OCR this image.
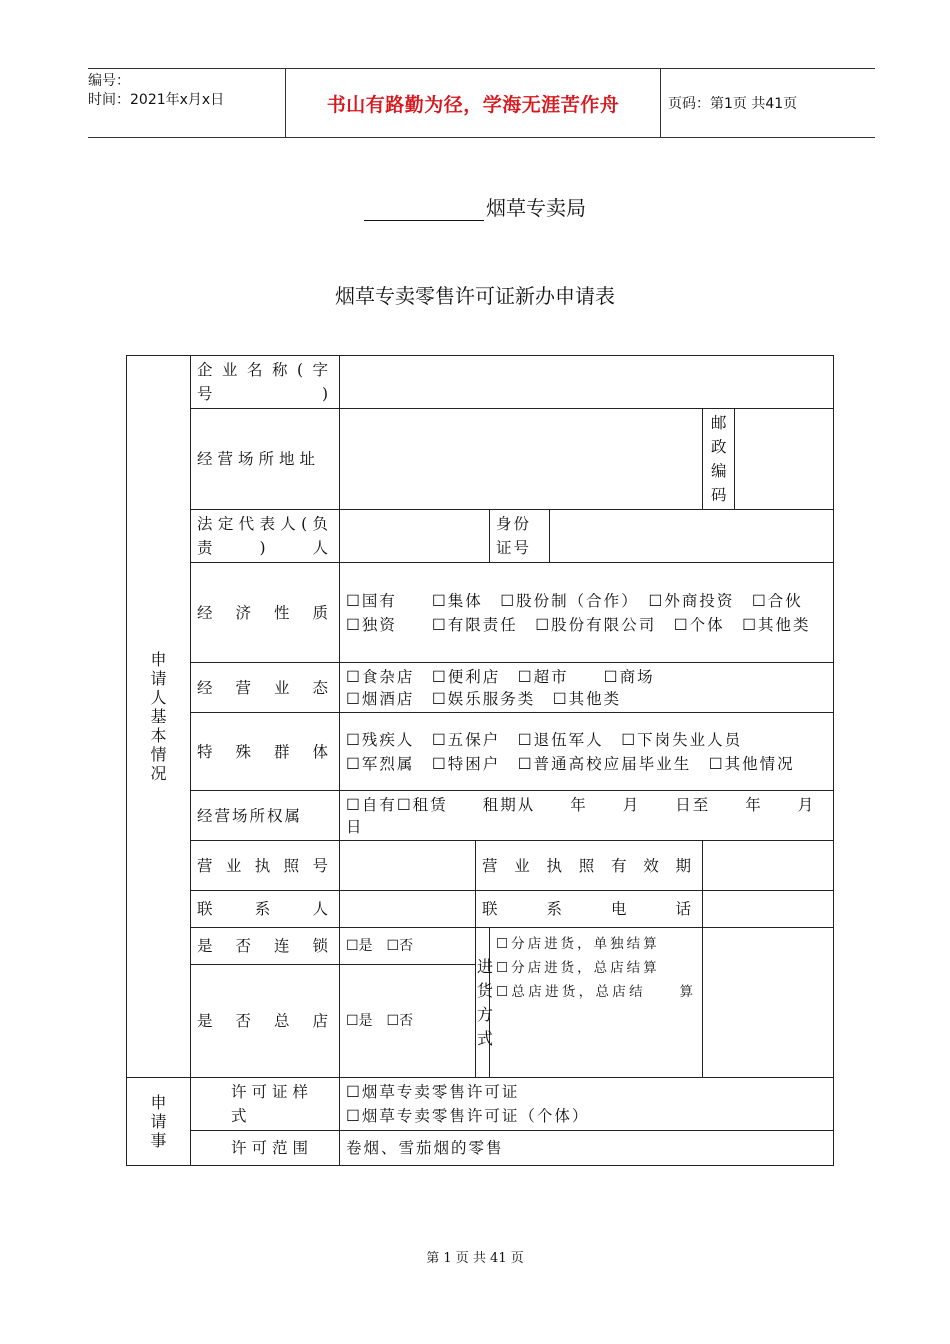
编号：
时间：2021年x月x日	书山有路勤为径，学海无涯苦作舟	页码：第1页 共41页
烟草专卖局
烟草专卖零售许可证新办申请表
申请人基本情况	企业名称(字号　　　　)						
	经营场所地址					邮政编码	
	法定代表人(负责)人			身份证号			
	经济性质	☐国有　　☐集体　☐股份制（合作）　☐外商投资　☐合伙
☐独资　　☐有限责任　☐股份有限公司　☐个体　☐其他类					

	经营业态	☐食杂店　☐便利店　☐超市　　☐商场
☐烟酒店　☐娱乐服务类　☐其他类					

	特殊群体	☐残疾人　☐五保户　☐退伍军人　☐下岗失业人员
☐军烈属　☐特困户　☐普通高校应届毕业生　☐其他情况					

	经营场所权属	☐自有☐租赁　　租期从　　年　　月　　日至　　年　　月　　日					
	营业执照号		营业执照有效期				
	联系人		联系电话				
	是否连锁	☐是　☐否	进货方式	☐分店进货，单独结算
☐分店进货，总店结算
☐总店进货，总店结　　算			

	是否总店	☐是　☐否					
申请事	许可证样式	☐烟草专卖零售许可证
☐烟草专卖零售许可证（个体）					

	许可范围	卷烟、雪茄烟的零售					
第 1 页 共 41 页
